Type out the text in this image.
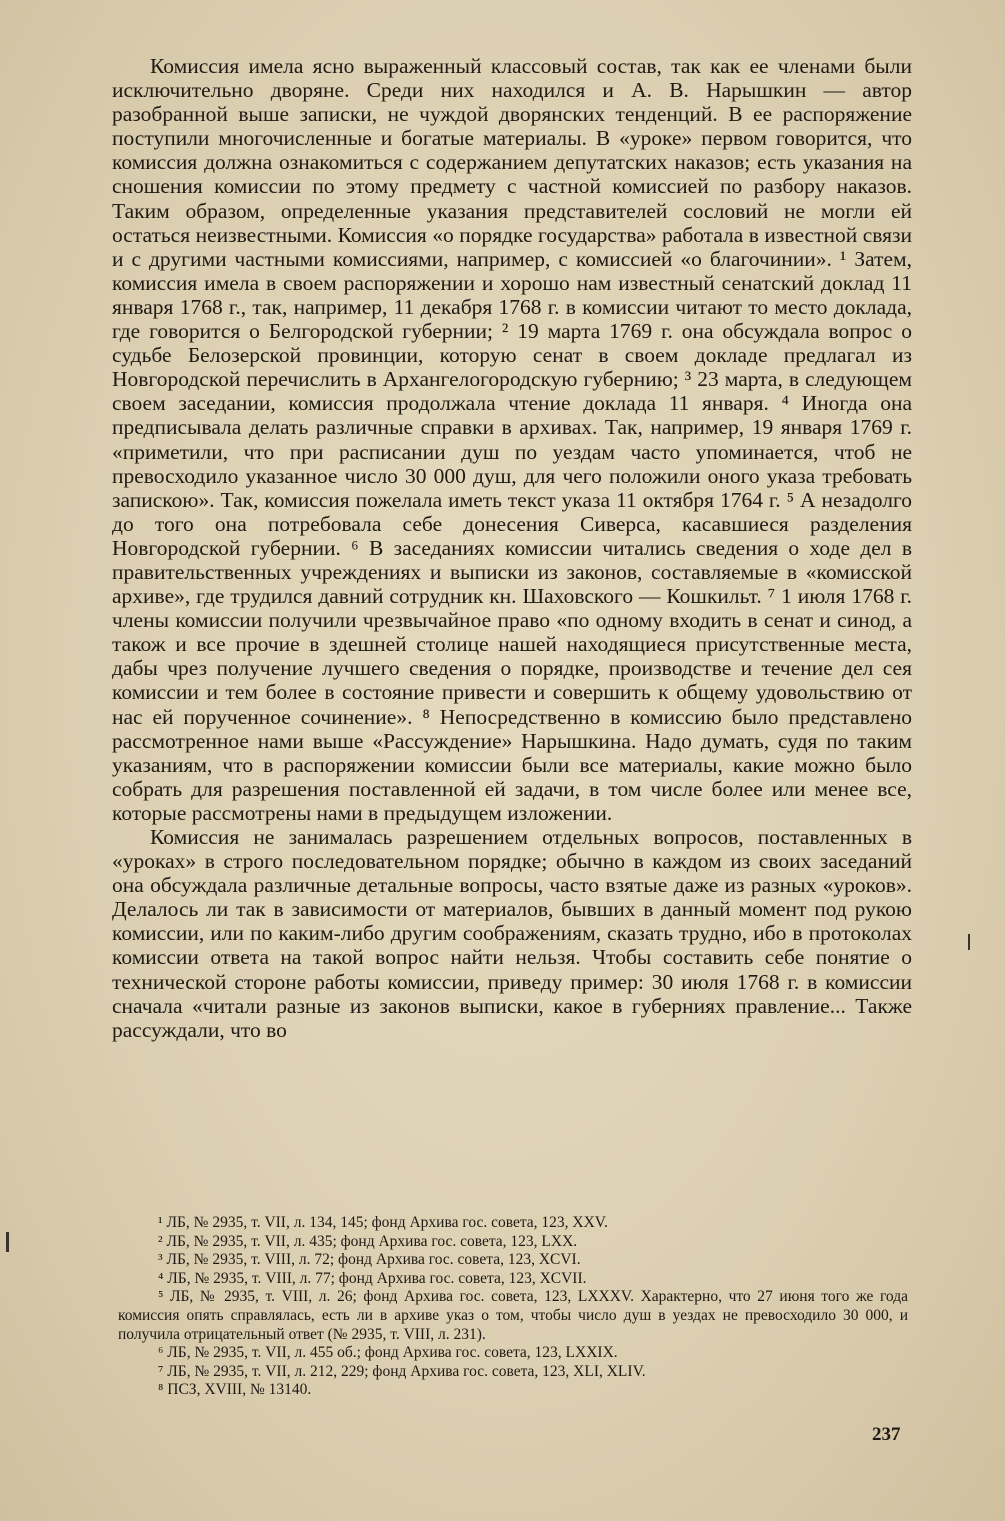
Комиссия имела ясно выраженный классовый состав, так как ее членами были исключительно дворяне. Среди них находился и А. В. Нарышкин — автор разобранной выше записки, не чуждой дворянских тенденций. В ее распоряжение поступили многочисленные и богатые материалы. В «уроке» первом говорится, что комиссия должна ознакомиться с содержанием депутатских наказов; есть указания на сношения комиссии по этому предмету с частной комиссией по разбору наказов. Таким образом, определенные указания представителей сословий не могли ей остаться неизвестными. Комиссия «о порядке государства» работала в известной связи и с другими частными комиссиями, например, с комиссией «о благочинии». ¹ Затем, комиссия имела в своем распоряжении и хорошо нам известный сенатский доклад 11 января 1768 г., так, например, 11 декабря 1768 г. в комиссии читают то место доклада, где говорится о Белгородской губернии; ² 19 марта 1769 г. она обсуждала вопрос о судьбе Белозерской провинции, которую сенат в своем докладе предлагал из Новгородской перечислить в Архангелогородскую губернию; ³ 23 марта, в следующем своем заседании, комиссия продолжала чтение доклада 11 января. ⁴ Иногда она предписывала делать различные справки в архивах. Так, например, 19 января 1769 г. «приметили, что при расписании душ по уездам часто упоминается, чтоб не превосходило указанное число 30 000 душ, для чего положили оного указа требовать запискою». Так, комиссия пожелала иметь текст указа 11 октября 1764 г. ⁵ А незадолго до того она потребовала себе донесения Сиверса, касавшиеся разделения Новгородской губернии. ⁶ В заседаниях комиссии читались сведения о ходе дел в правительственных учреждениях и выписки из законов, составляемые в «комисской архиве», где трудился давний сотрудник кн. Шаховского — Кошкильт. ⁷ 1 июля 1768 г. члены комиссии получили чрезвычайное право «по одному входить в сенат и синод, а також и все прочие в здешней столице нашей находящиеся присутственные места, дабы чрез получение лучшего сведения о порядке, производстве и течение дел сея комиссии и тем более в состояние привести и совершить к общему удовольствию от нас ей порученное сочинение». ⁸ Непосредственно в комиссию было представлено рассмотренное нами выше «Рассуждение» Нарышкина. Надо думать, судя по таким указаниям, что в распоряжении комиссии были все материалы, какие можно было собрать для разрешения поставленной ей задачи, в том числе более или менее все, которые рассмотрены нами в предыдущем изложении.

Комиссия не занималась разрешением отдельных вопросов, поставленных в «уроках» в строго последовательном порядке; обычно в каждом из своих заседаний она обсуждала различные детальные вопросы, часто взятые даже из разных «уроков». Делалось ли так в зависимости от материалов, бывших в данный момент под рукою комиссии, или по каким-либо другим соображениям, сказать трудно, ибо в протоколах комиссии ответа на такой вопрос найти нельзя. Чтобы составить себе понятие о технической стороне работы комиссии, приведу пример: 30 июля 1768 г. в комиссии сначала «читали разные из законов выписки, какое в губерниях правление... Также рассуждали, что во

¹ ЛБ, № 2935, т. VII, л. 134, 145; фонд Архива гос. совета, 123, XXV.

² ЛБ, № 2935, т. VII, л. 435; фонд Архива гос. совета, 123, LXX.

³ ЛБ, № 2935, т. VIII, л. 72; фонд Архива гос. совета, 123, XCVI.

⁴ ЛБ, № 2935, т. VIII, л. 77; фонд Архива гос. совета, 123, XCVII.

⁵ ЛБ, № 2935, т. VIII, л. 26; фонд Архива гос. совета, 123, LXXXV. Характерно, что 27 июня того же года комиссия опять справлялась, есть ли в архиве указ о том, чтобы число душ в уездах не превосходило 30 000, и получила отрицательный ответ (№ 2935, т. VIII, л. 231).

⁶ ЛБ, № 2935, т. VII, л. 455 об.; фонд Архива гос. совета, 123, LXXIX.

⁷ ЛБ, № 2935, т. VII, л. 212, 229; фонд Архива гос. совета, 123, XLI, XLIV.

⁸ ПСЗ, XVIII, № 13140.

237
